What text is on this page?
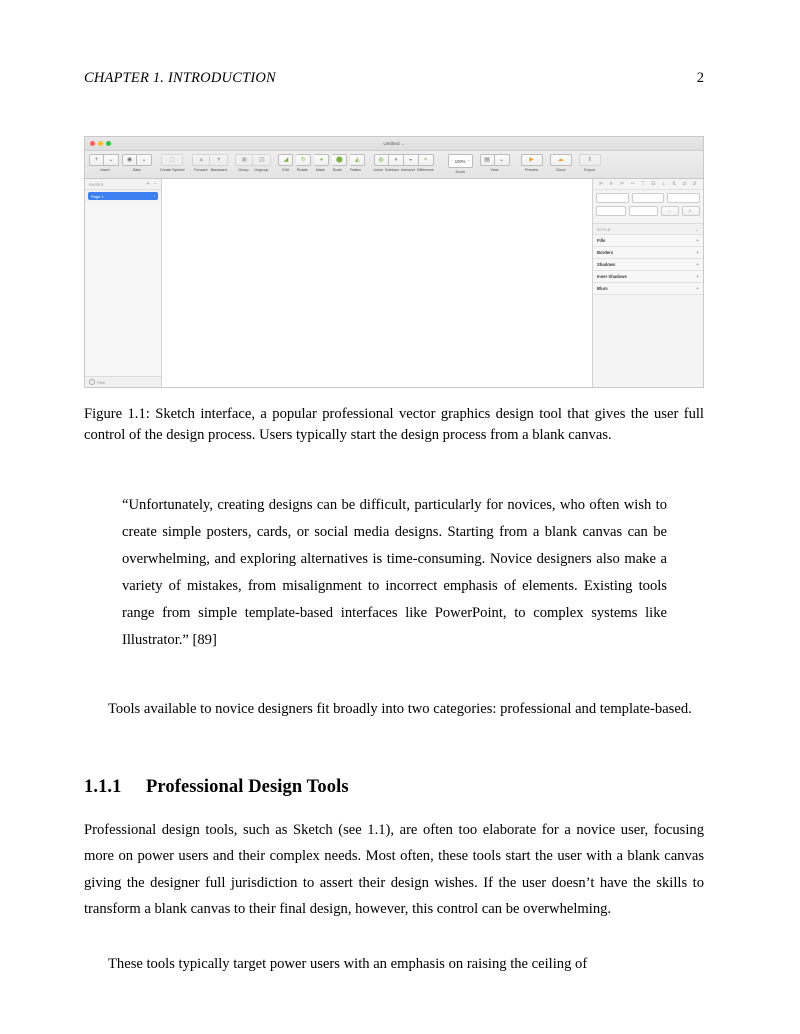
CHAPTER 1. INTRODUCTION	2
Untitled ⌄
+ ⌄ ◉ ⌄
Insert	Data
◻
Create Symbol
▲ ▼
Forward Backward
▣ ▥
Group Ungroup
◢ ↻ ◕ ⬤ ◭
Edit Rotate Mask Scale Flatten
◍ ◑ ◒ ◓
Union Subtract Intersect Difference
− 100% +
Zoom
▤ ⌄
View
▶
Preview
☁
Cloud
⬆
Export
PAGES	+ −
Page 1	›
Filter
⊫ ⊪ ⊨ ⇿ ⊤ ⊟ ⊥ ⇅ ⇄ ⇵
⇔	⇕
STYLE	⌄
Fills	+
Borders	+
Shadows	+
Inner Shadows	+
Blurs	+
Figure 1.1: Sketch interface, a popular professional vector graphics design tool that gives the user full control of the design process. Users typically start the design process from a blank canvas.
“Unfortunately, creating designs can be difficult, particularly for novices, who often wish to create simple posters, cards, or social media designs. Starting from a blank canvas can be overwhelming, and exploring alternatives is time-consuming. Novice designers also make a variety of mistakes, from misalignment to incorrect emphasis of elements. Existing tools range from simple template-based interfaces like PowerPoint, to complex systems like Illustrator.” [89]
Tools available to novice designers fit broadly into two categories: professional and template-based.
1.1.1 Professional Design Tools
Professional design tools, such as Sketch (see 1.1), are often too elaborate for a novice user, focusing more on power users and their complex needs. Most often, these tools start the user with a blank canvas giving the designer full jurisdiction to assert their design wishes. If the user doesn’t have the skills to transform a blank canvas to their final design, however, this control can be overwhelming.
These tools typically target power users with an emphasis on raising the ceiling of
